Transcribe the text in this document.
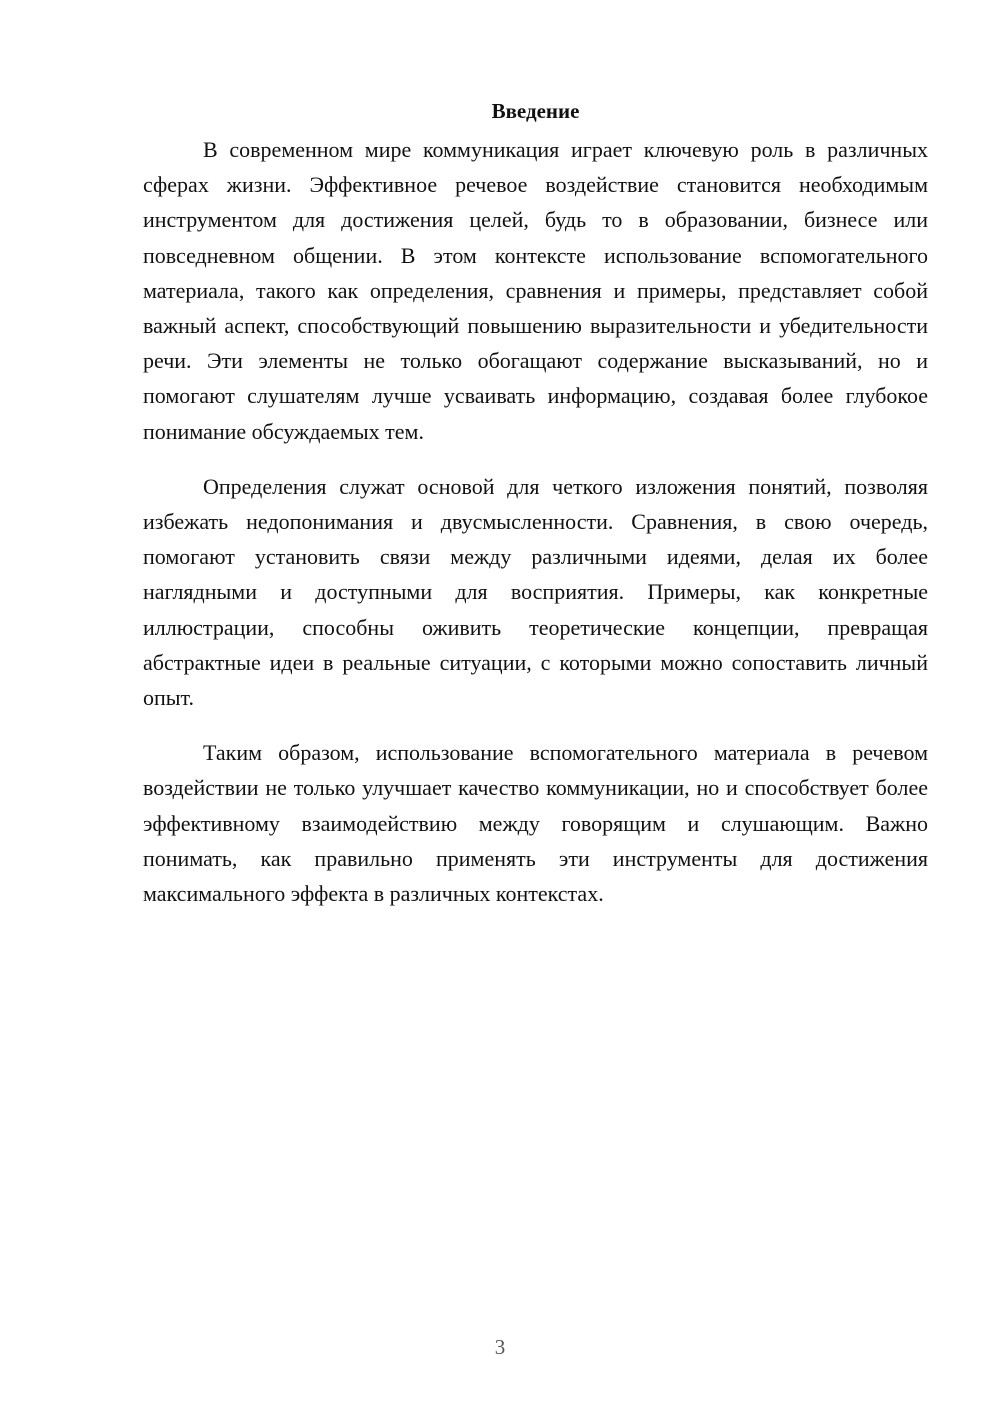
Введение

В современном мире коммуникация играет ключевую роль в различных сферах жизни. Эффективное речевое воздействие становится необходимым инструментом для достижения целей, будь то в образовании, бизнесе или повседневном общении. В этом контексте использование вспомогательного материала, такого как определения, сравнения и примеры, представляет собой важный аспект, способствующий повышению выразительности и убедительности речи. Эти элементы не только обогащают содержание высказываний, но и помогают слушателям лучше усваивать информацию, создавая более глубокое понимание обсуждаемых тем.

Определения служат основой для четкого изложения понятий, позволяя избежать недопонимания и двусмысленности. Сравнения, в свою очередь, помогают установить связи между различными идеями, делая их более наглядными и доступными для восприятия. Примеры, как конкретные иллюстрации, способны оживить теоретические концепции, превращая абстрактные идеи в реальные ситуации, с которыми можно сопоставить личный опыт.

Таким образом, использование вспомогательного материала в речевом воздействии не только улучшает качество коммуникации, но и способствует более эффективному взаимодействию между говорящим и слушающим. Важно понимать, как правильно применять эти инструменты для достижения максимального эффекта в различных контекстах.

3
